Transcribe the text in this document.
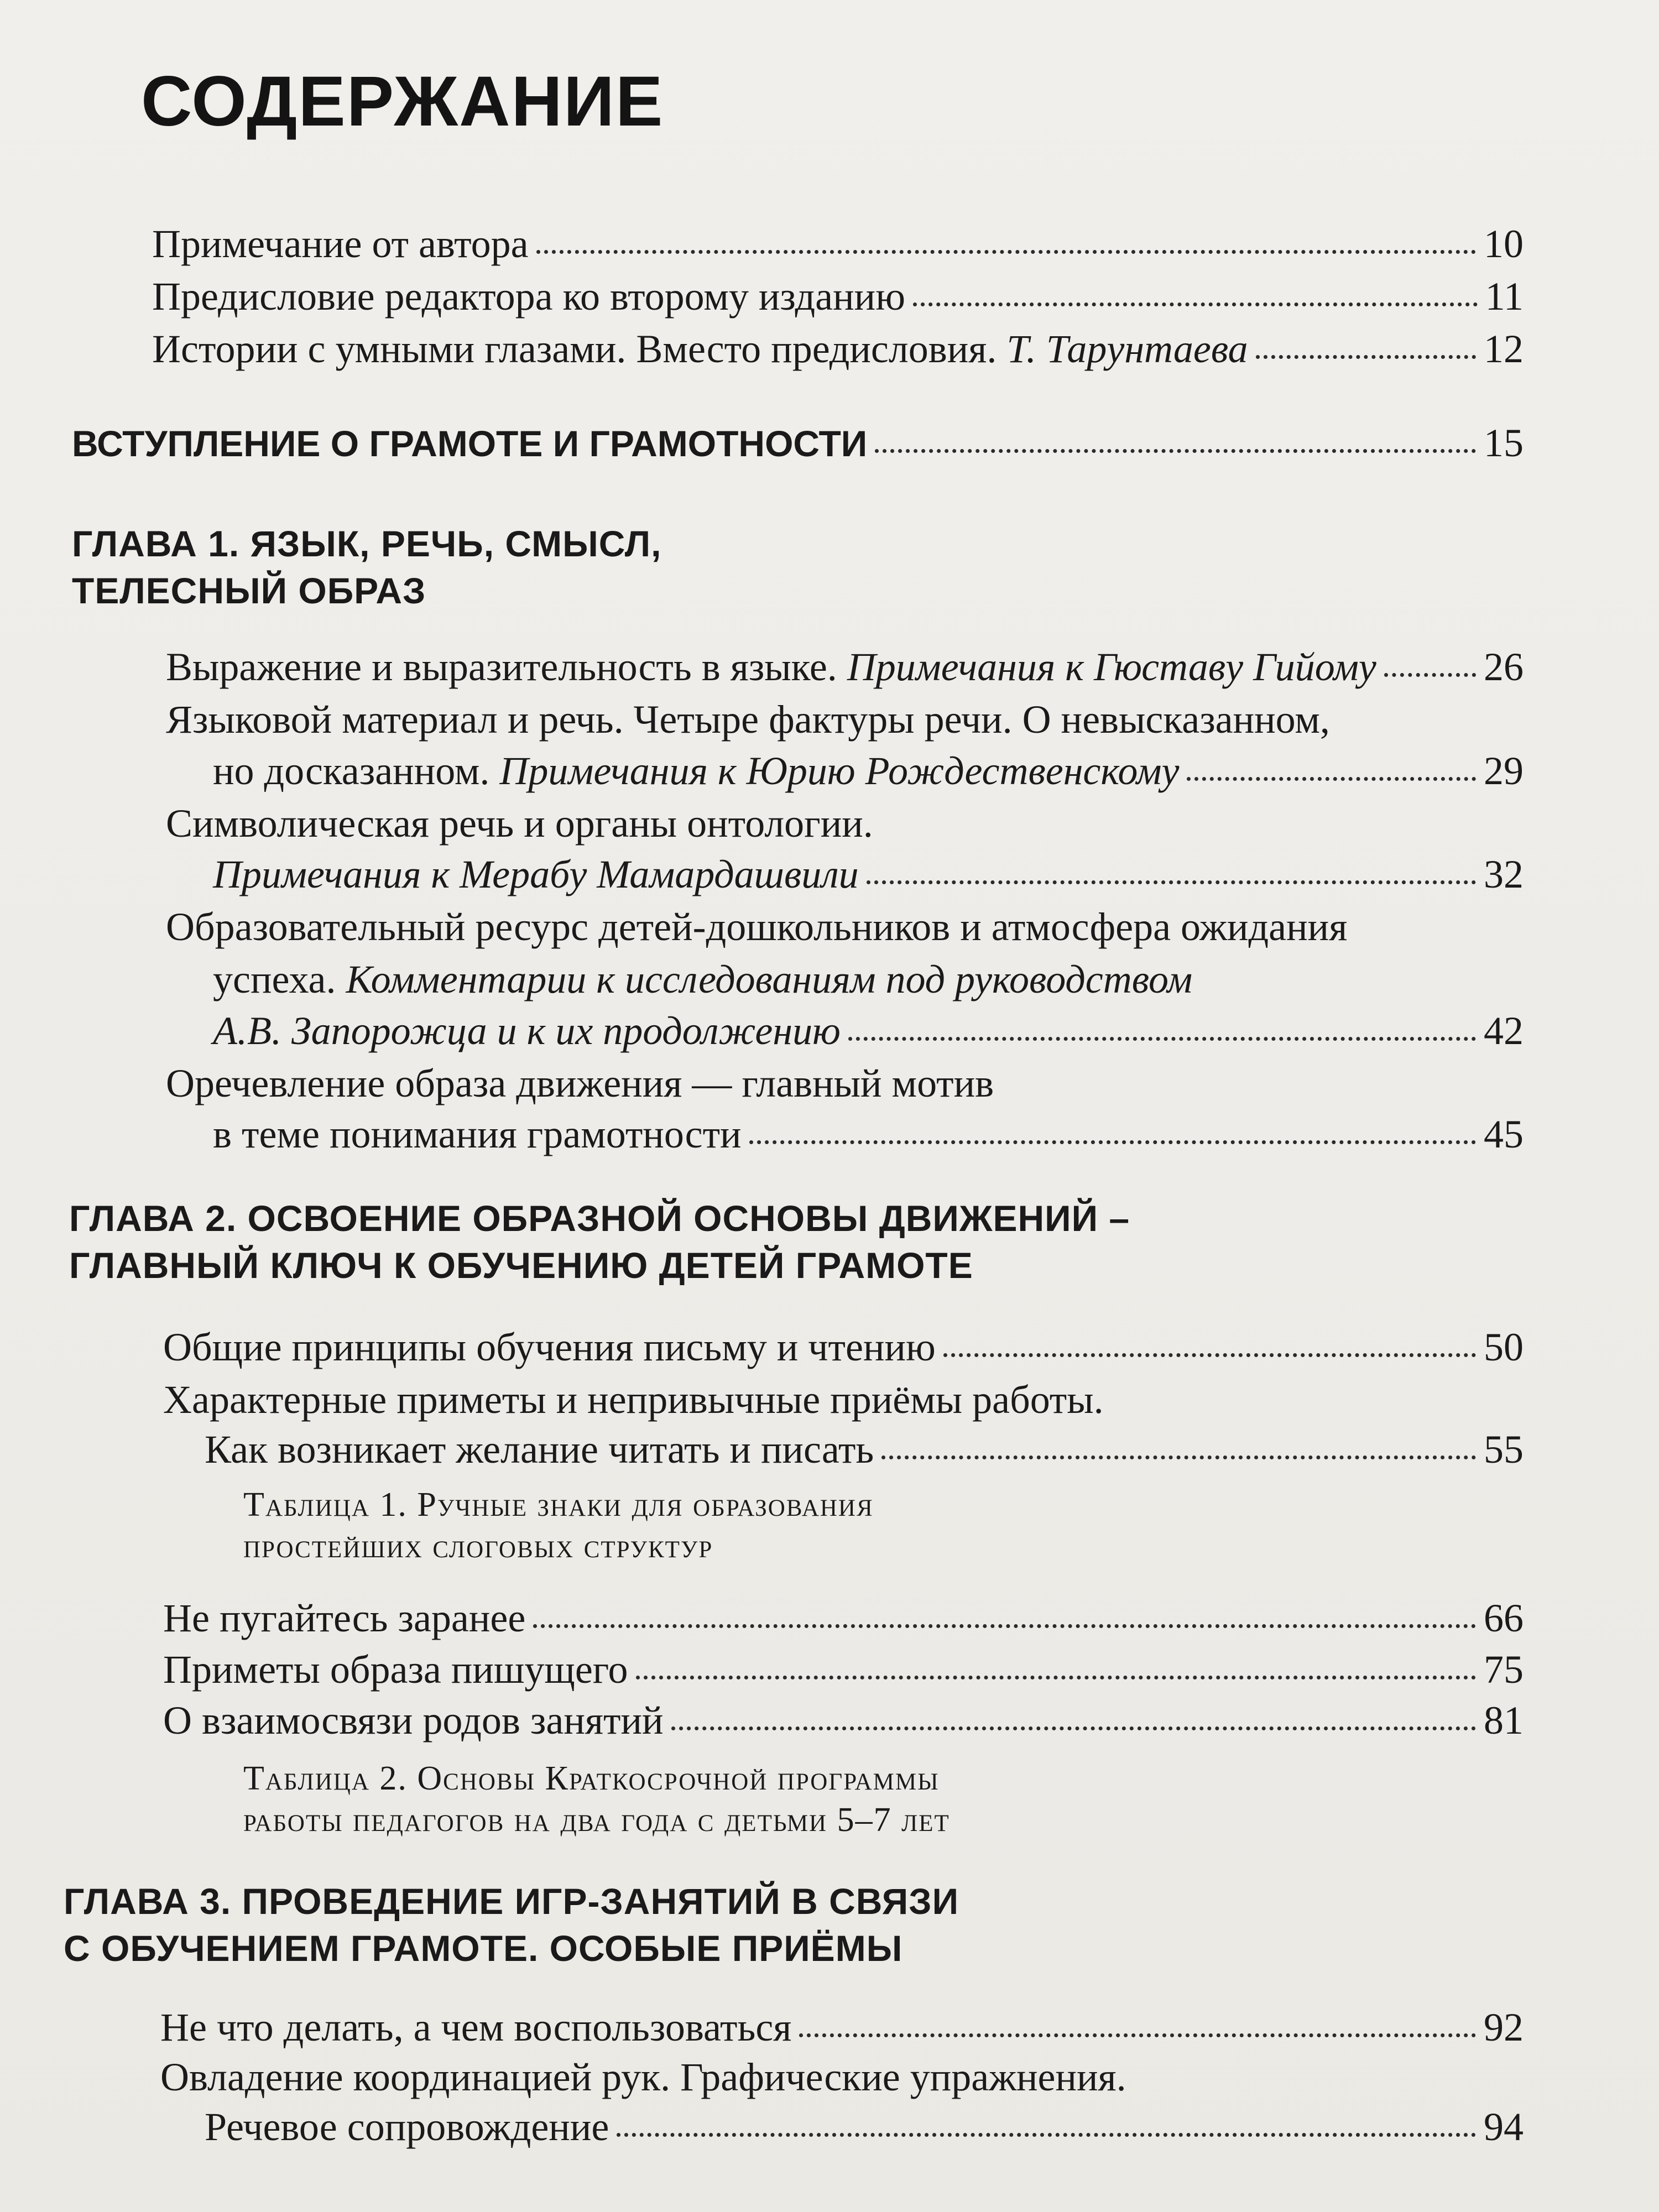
СОДЕРЖАНИЕ
Примечание от автора	10
Предисловие редактора ко второму изданию	11
Истории с умными глазами. Вместо предисловия. Т. Таpунтаева	12
ВСТУПЛЕНИЕ О ГРАМОТЕ И ГРАМОТНОСТИ	15
ГЛАВА 1. ЯЗЫК, РЕЧЬ, СМЫСЛ,
ТЕЛЕСНЫЙ ОБРАЗ
Выражение и выразительность в языке. Примечания к Гюставу Гийому	26
Языковой материал и речь. Четыре фактуры речи. О невысказанном,
но досказанном. Примечания к Юрию Рождественскому	29
Символическая речь и органы онтологии.
Примечания к Мерабу Мамардашвили	32
Образовательный ресурс детей-дошкольников и атмосфера ожидания
успеха. Комментарии к исследованиям под руководством
А.В. Запорожца и к их продолжению	42
Оречевление образа движения — главный мотив
в теме понимания грамотности	45
ГЛАВА 2. ОСВОЕНИЕ ОБРАЗНОЙ ОСНОВЫ ДВИЖЕНИЙ –
ГЛАВНЫЙ КЛЮЧ К ОБУЧЕНИЮ ДЕТЕЙ ГРАМОТЕ
Общие принципы обучения письму и чтению	50
Характерные приметы и непривычные приёмы работы.
Как возникает желание читать и писать	55
Таблица 1. Ручные знаки для образования
простейших слоговых структур
Не пугайтесь заранее	66
Приметы образа пишущего	75
О взаимосвязи родов занятий	81
Таблица 2. Основы Краткосрочной программы
работы педагогов на два года с детьми 5–7 лет
ГЛАВА 3. ПРОВЕДЕНИЕ ИГР-ЗАНЯТИЙ В СВЯЗИ
С ОБУЧЕНИЕМ ГРАМОТЕ. ОСОБЫЕ ПРИЁМЫ
Не что делать, а чем воспользоваться	92
Овладение координацией рук. Графические упражнения.
Речевое сопровождение	94
